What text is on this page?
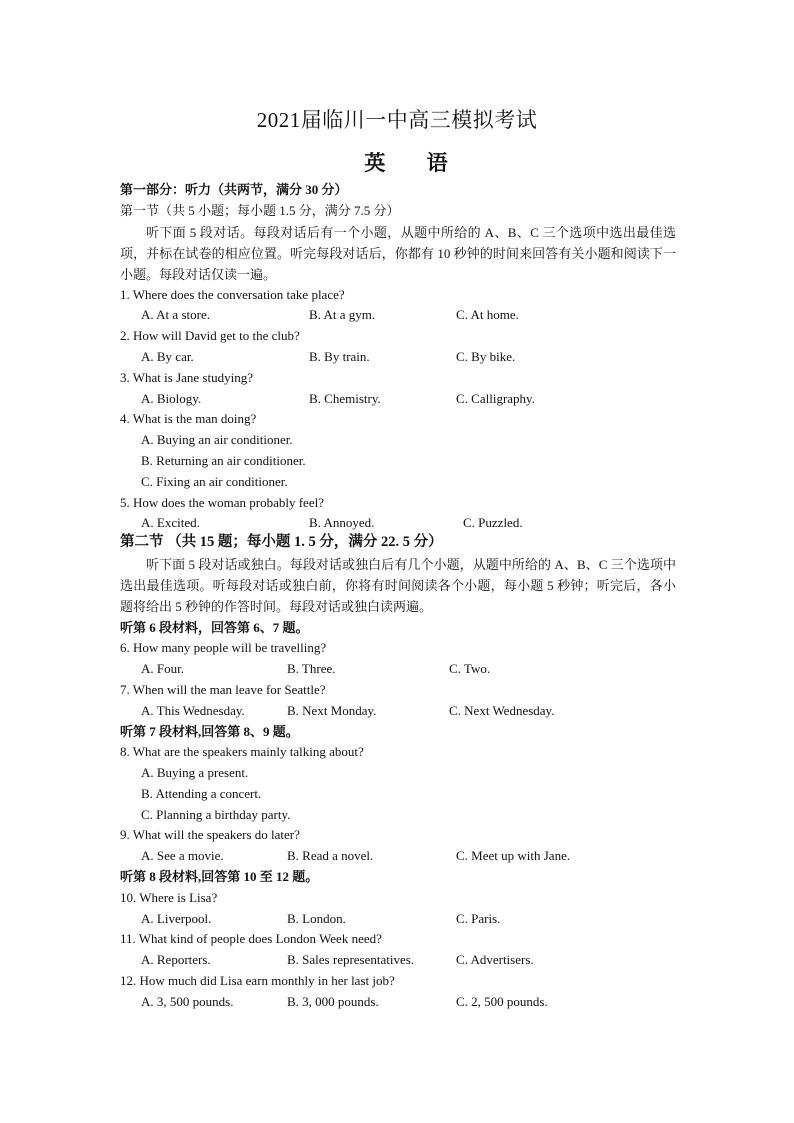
2021届临川一中高三模拟考试
英 语
第一部分：听力（共两节，满分 30 分）
第一节（共 5 小题；每小题 1.5 分，满分 7.5 分）
听下面 5 段对话。每段对话后有一个小题，从题中所给的 A、B、C 三个选项中选出最佳选项，并标在试卷的相应位置。听完每段对话后，你都有 10 秒钟的时间来回答有关小题和阅读下一小题。每段对话仅读一遍。
1. Where does the conversation take place?
A. At a store.	B. At a gym.	C. At home.
2. How will David get to the club?
A. By car.	B. By train.	C. By bike.
3. What is Jane studying?
A. Biology.	B. Chemistry.	C. Calligraphy.
4. What is the man doing?
A. Buying an air conditioner.
B. Returning an air conditioner.
C. Fixing an air conditioner.
5. How does the woman probably feel?
A. Excited.	B. Annoyed.	C. Puzzled.
第二节 （共 15 题；每小题 1. 5 分，满分 22. 5 分）
听下面 5 段对话或独白。每段对话或独白后有几个小题，从题中所给的 A、B、C 三个选项中选出最佳选项。听每段对话或独白前，你将有时间阅读各个小题，每小题 5 秒钟；听完后，各小题将给出 5 秒钟的作答时间。每段对话或独白读两遍。
听第 6 段材料，回答第 6、7 题。
6. How many people will be travelling?
A. Four.	B. Three.	C. Two.
7. When will the man leave for Seattle?
A. This Wednesday.	B. Next Monday.	C. Next Wednesday.
听第 7 段材料,回答第 8、9 题。
8. What are the speakers mainly talking about?
A. Buying a present.
B. Attending a concert.
C. Planning a birthday party.
9. What will the speakers do later?
A. See a movie.	B. Read a novel.	C. Meet up with Jane.
听第 8 段材料,回答第 10 至 12 题。
10. Where is Lisa?
A. Liverpool.	B. London.	C. Paris.
11. What kind of people does London Week need?
A. Reporters.	B. Sales representatives.	C. Advertisers.
12. How much did Lisa earn monthly in her last job?
A. 3, 500 pounds.	B. 3, 000 pounds.	C. 2, 500 pounds.
